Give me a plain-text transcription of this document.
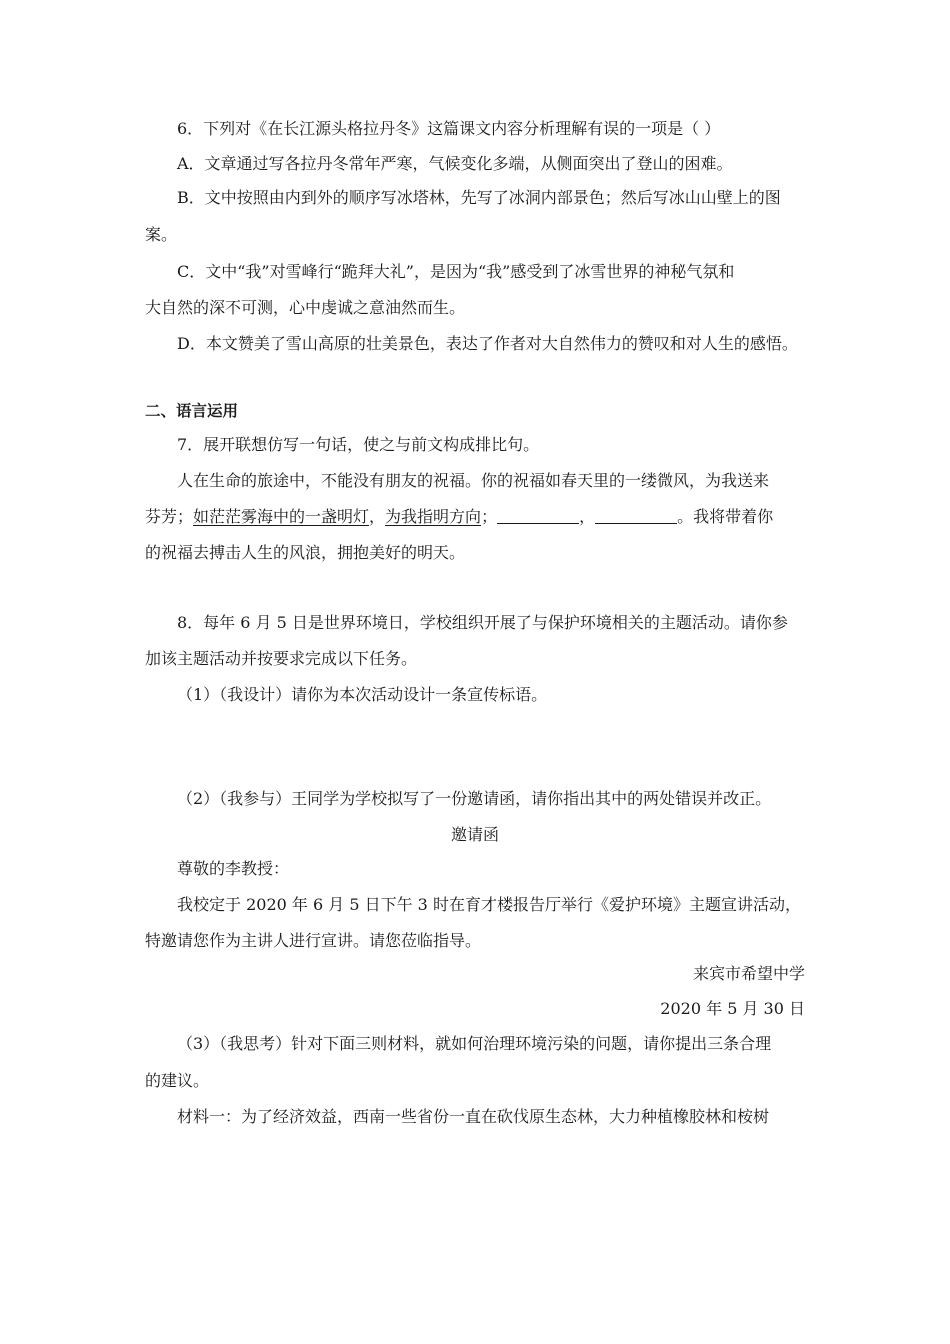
6．下列对《在长江源头格拉丹冬》这篇课文内容分析理解有误的一项是（ ）
A．文章通过写各拉丹冬常年严寒，气候变化多端，从侧面突出了登山的困难。
B．文中按照由内到外的顺序写冰塔林，先写了冰洞内部景色；然后写冰山山壁上的图
案。
C．文中“我”对雪峰行“跪拜大礼”，是因为“我”感受到了冰雪世界的神秘气氛和
大自然的深不可测，心中虔诚之意油然而生。
D．本文赞美了雪山高原的壮美景色，表达了作者对大自然伟力的赞叹和对人生的感悟。
二、语言运用
7．展开联想仿写一句话，使之与前文构成排比句。
人在生命的旅途中，不能没有朋友的祝福。你的祝福如春天里的一缕微风，为我送来
芬芳；如茫茫雾海中的一盏明灯，为我指明方向；	，	。我将带着你
的祝福去搏击人生的风浪，拥抱美好的明天。
8．每年 6 月 5 日是世界环境日，学校组织开展了与保护环境相关的主题活动。请你参
加该主题活动并按要求完成以下任务。
（1）（我设计）请你为本次活动设计一条宣传标语。
（2）（我参与）王同学为学校拟写了一份邀请函，请你指出其中的两处错误并改正。
邀请函
尊敬的李教授：
我校定于 2020 年 6 月 5 日下午 3 时在育才楼报告厅举行《爱护环境》主题宣讲活动，
特邀请您作为主讲人进行宣讲。请您莅临指导。
来宾市希望中学
2020 年 5 月 30 日
（3）（我思考）针对下面三则材料，就如何治理环境污染的问题，请你提出三条合理
的建议。
材料一：为了经济效益，西南一些省份一直在砍伐原生态林，大力种植橡胶林和桉树
